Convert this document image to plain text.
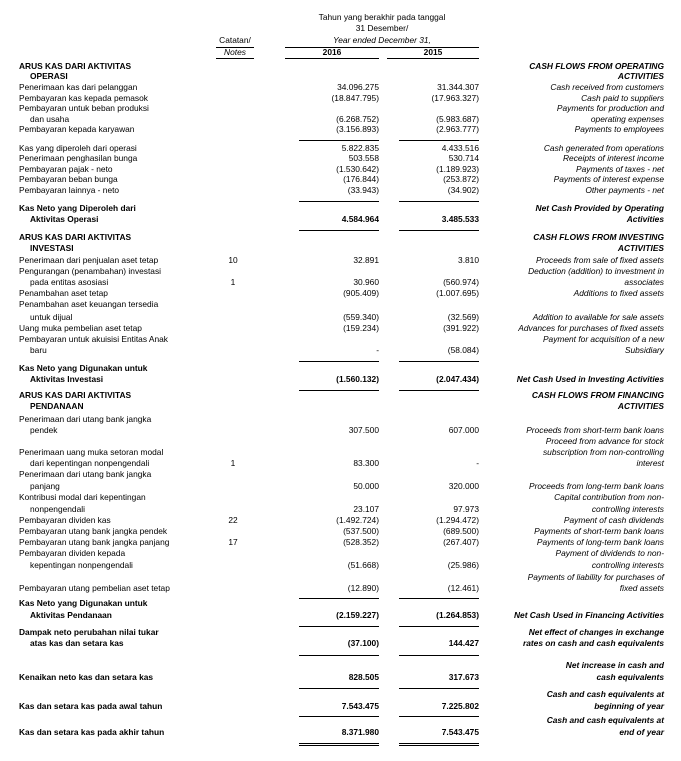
Tahun yang berakhir pada tanggal
31 Desember/
Year ended December 31,
Catatan/
Notes	2016	2015
ARUS KAS DARI AKTIVITAS	CASH FLOWS FROM OPERATING
OPERASI	ACTIVITIES
Penerimaan kas dari pelanggan	34.096.275	31.344.307	Cash received from customers
Pembayaran kas kepada pemasok	(18.847.795)	(17.963.327)	Cash paid to suppliers
Pembayaran untuk beban produksi	Payments for production and
dan usaha	(6.268.752)	(5.983.687)	operating expenses
Pembayaran kepada karyawan	(3.156.893)	(2.963.777)	Payments to employees
Kas yang diperoleh dari operasi	5.822.835	4.433.516	Cash generated from operations
Penerimaan penghasilan bunga	503.558	530.714	Receipts of interest income
Pembayaran pajak - neto	(1.530.642)	(1.189.923)	Payments of taxes - net
Pembayaran beban bunga	(176.844)	(253.872)	Payments of interest expense
Pembayaran lainnya - neto	(33.943)	(34.902)	Other payments - net
Kas Neto yang Diperoleh dari	Net Cash Provided by Operating
Aktivitas Operasi	4.584.964	3.485.533	Activities
ARUS KAS DARI AKTIVITAS	CASH FLOWS FROM INVESTING
INVESTASI	ACTIVITIES
Penerimaan dari penjualan aset tetap	10	32.891	3.810	Proceeds from sale of fixed assets
Pengurangan (penambahan) investasi	Deduction (addition) to investment in
pada entitas asosiasi	1	30.960	(560.974)	associates
Penambahan aset tetap	(905.409)	(1.007.695)	Additions to fixed assets
Penambahan aset keuangan tersedia
untuk dijual	(559.340)	(32.569)	Addition to available for sale assets
Uang muka pembelian aset tetap	(159.234)	(391.922)	Advances for purchases of fixed assets
Pembayaran untuk akuisisi Entitas Anak	Payment for acquisition of a new
baru	-	(58.084)	Subsidiary
Kas Neto yang Digunakan untuk
Aktivitas Investasi	(1.560.132)	(2.047.434)	Net Cash Used in Investing Activities
ARUS KAS DARI AKTIVITAS	CASH FLOWS FROM FINANCING
PENDANAAN	ACTIVITIES
Penerimaan dari utang bank jangka
pendek	307.500	607.000	Proceeds from short-term bank loans
Proceed from advance for stock
Penerimaan uang muka setoran modal	subscription from non-controlling
dari kepentingan nonpengendali	1	83.300	-	interest
Penerimaan dari utang bank jangka
panjang	50.000	320.000	Proceeds from long-term bank loans
Kontribusi modal dari kepentingan	Capital contribution from non-
nonpengendali	23.107	97.973	controlling interests
Pembayaran dividen kas	22	(1.492.724)	(1.294.472)	Payment of cash dividends
Pembayaran utang bank jangka pendek	(537.500)	(689.500)	Payments of short-term bank loans
Pembayaran utang bank jangka panjang	17	(528.352)	(267.407)	Payments of long-term bank loans
Pembayaran dividen kepada	Payment of dividends to non-
kepentingan nonpengendali	(51.668)	(25.986)	controlling interests
Payments of liability for purchases of
Pembayaran utang pembelian aset tetap	(12.890)	(12.461)	fixed assets
Kas Neto yang Digunakan untuk
Aktivitas Pendanaan	(2.159.227)	(1.264.853)	Net Cash Used in Financing Activities
Dampak neto perubahan nilai tukar	Net effect of changes in exchange
atas kas dan setara kas	(37.100)	144.427	rates on cash and cash equivalents
Net increase in cash and
Kenaikan neto kas dan setara kas	828.505	317.673	cash equivalents
Cash and cash equivalents at
Kas dan setara kas pada awal tahun	7.543.475	7.225.802	beginning of year
Cash and cash equivalents at
Kas dan setara kas pada akhir tahun	8.371.980	7.543.475	end of year
